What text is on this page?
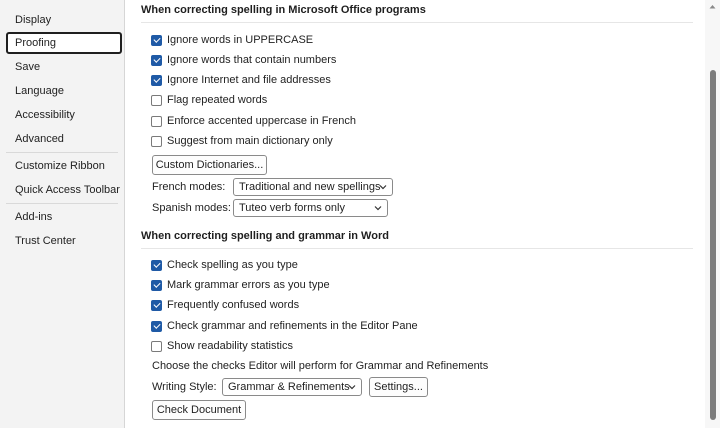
Display
Proofing
Save
Language
Accessibility
Advanced
Customize Ribbon
Quick Access Toolbar
Add-ins
Trust Center
When correcting spelling in Microsoft Office programs
Ignore words in UPPERCASE
Ignore words that contain numbers
Ignore Internet and file addresses
Flag repeated words
Enforce accented uppercase in French
Suggest from main dictionary only
Custom Dictionaries...
French modes: Traditional and new spellings
Spanish modes: Tuteo verb forms only
When correcting spelling and grammar in Word
Check spelling as you type
Mark grammar errors as you type
Frequently confused words
Check grammar and refinements in the Editor Pane
Show readability statistics
Choose the checks Editor will perform for Grammar and Refinements
Writing Style: Grammar & Refinements	Settings...
Check Document
